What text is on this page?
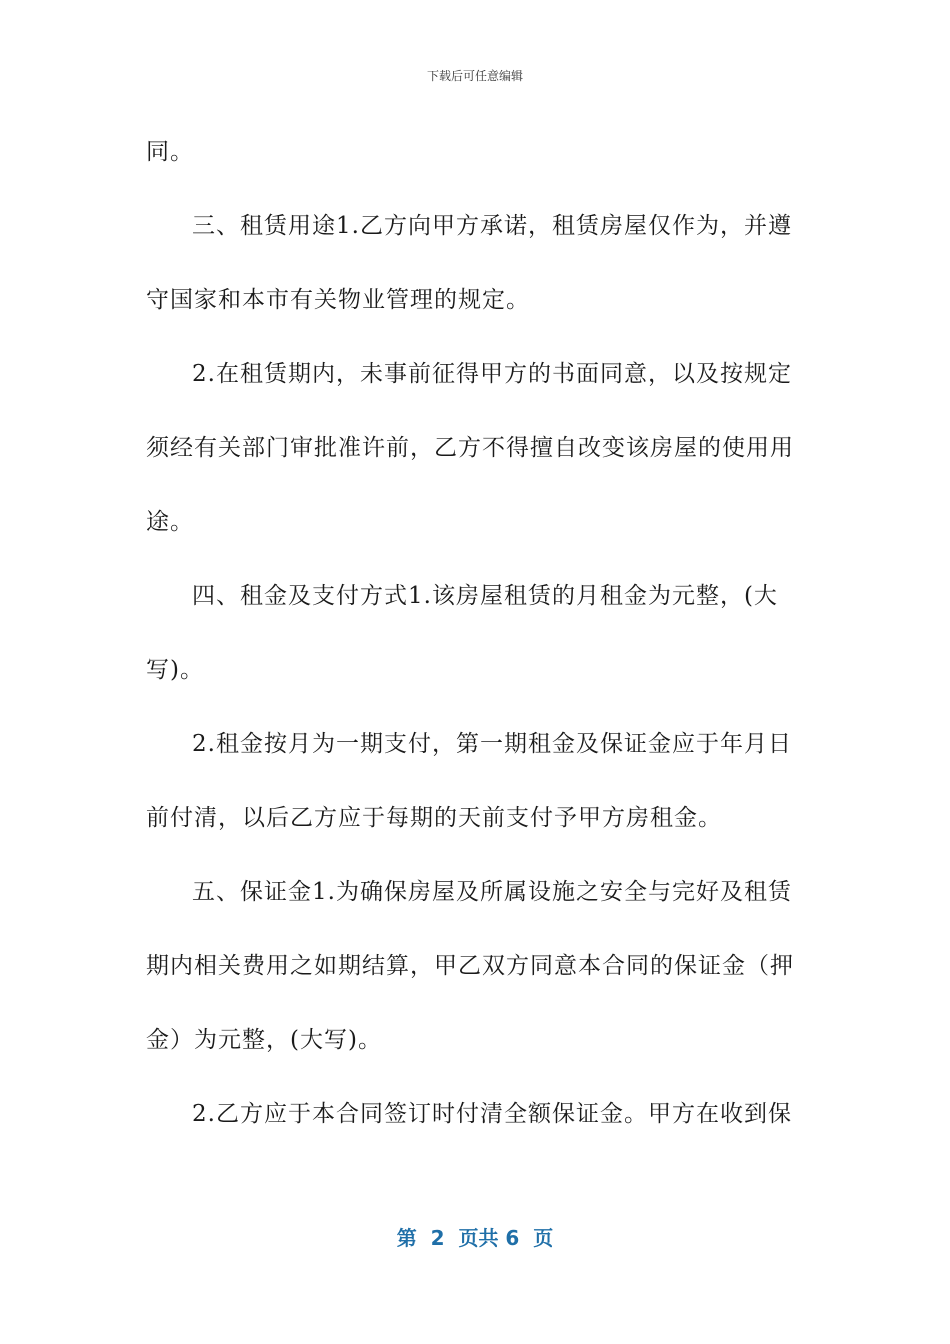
下载后可任意编辑
同。
三、租赁用途1.乙方向甲方承诺，租赁房屋仅作为，并遵
守国家和本市有关物业管理的规定。
2.在租赁期内，未事前征得甲方的书面同意，以及按规定
须经有关部门审批准许前，乙方不得擅自改变该房屋的使用用
途。
四、租金及支付方式1.该房屋租赁的月租金为元整，(大
写)。
2.租金按月为一期支付，第一期租金及保证金应于年月日
前付清，以后乙方应于每期的天前支付予甲方房租金。
五、保证金1.为确保房屋及所属设施之安全与完好及租赁
期内相关费用之如期结算，甲乙双方同意本合同的保证金（押
金）为元整，(大写)。
2.乙方应于本合同签订时付清全额保证金。甲方在收到保
第  2  页共 6  页
